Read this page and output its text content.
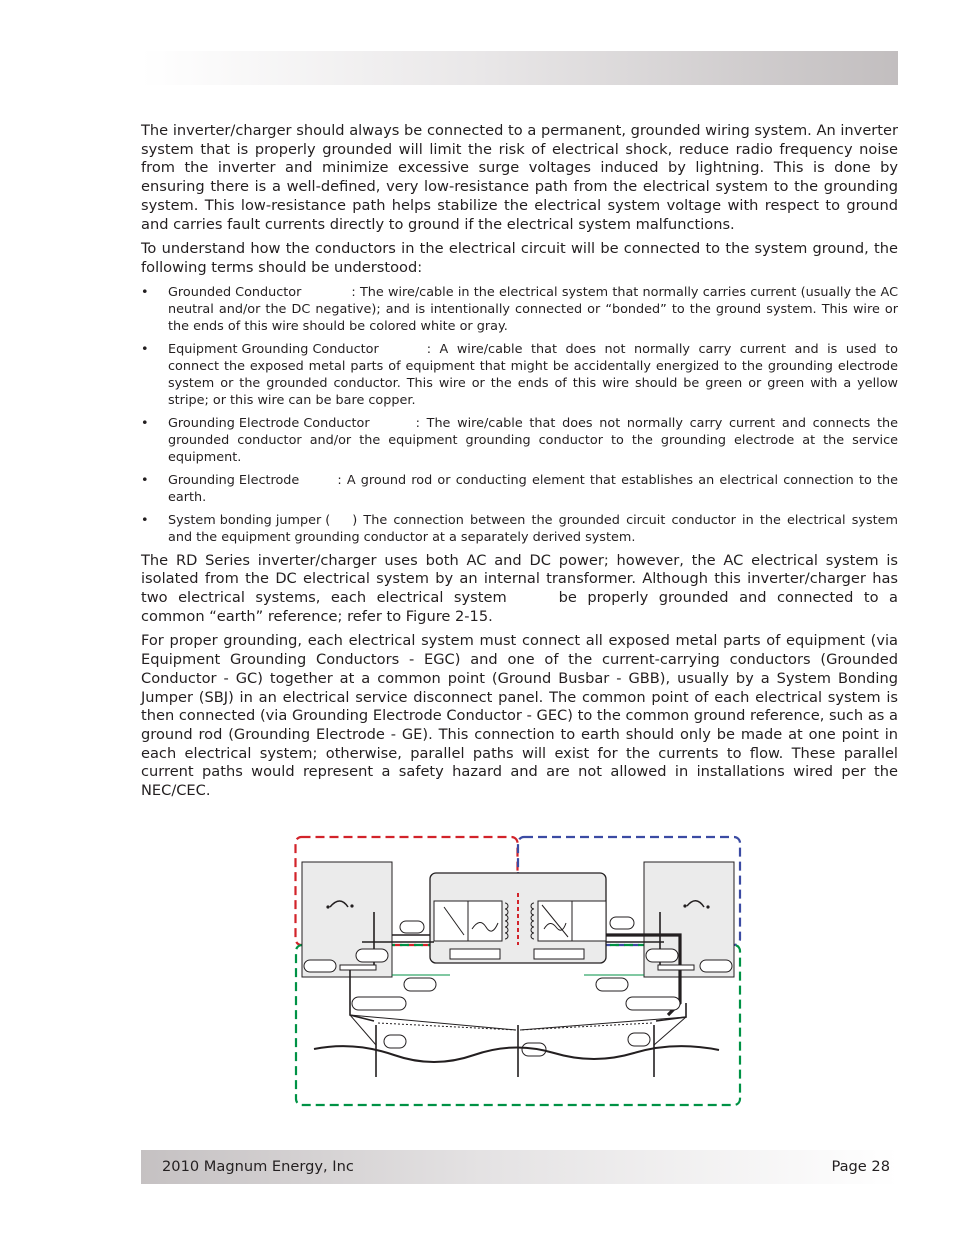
The inverter/charger should always be connected to a permanent, grounded wiring system. An inverter system that is properly grounded will limit the risk of electrical shock, reduce radio frequency noise from the inverter and minimize excessive surge voltages induced by lightning. This is done by ensuring there is a well-defined, very low-resistance path from the electrical system to the grounding system. This low-resistance path helps stabilize the electrical system voltage with respect to ground and carries fault currents directly to ground if the electrical system malfunctions.

To understand how the conductors in the electrical circuit will be connected to the system ground, the following terms should be understood:

• Grounded Conductor	: The wire/cable in the electrical system that normally carries current (usually the AC neutral and/or the DC negative); and is intentionally connected or “bonded” to the ground system. This wire or the ends of this wire should be colored white or gray.
• Equipment Grounding Conductor	: A wire/cable that does not normally carry current and is used to connect the exposed metal parts of equipment that might be accidentally energized to the grounding electrode system or the grounded conductor. This wire or the ends of this wire should be green or green with a yellow stripe; or this wire can be bare copper.
• Grounding Electrode Conductor	: The wire/cable that does not normally carry current and connects the grounded conductor and/or the equipment grounding conductor to the grounding electrode at the service equipment.
• Grounding Electrode	: A ground rod or conducting element that establishes an electrical connection to the earth.
• System bonding jumper ( ) The connection between the grounded circuit conductor in the electrical system and the equipment grounding conductor at a separately derived system.

The RD Series inverter/charger uses both AC and DC power; however, the AC electrical system is isolated from the DC electrical system by an internal transformer. Although this inverter/charger has two electrical systems, each electrical system	be properly grounded and connected to a common “earth” reference; refer to Figure 2-15.

For proper grounding, each electrical system must connect all exposed metal parts of equipment (via Equipment Grounding Conductors - EGC) and one of the current-carrying conductors (Grounded Conductor - GC) together at a common point (Ground Busbar - GBB), usually by a System Bonding Jumper (SBJ) in an electrical service disconnect panel. The common point of each electrical system is then connected (via Grounding Electrode Conductor - GEC) to the common ground reference, such as a ground rod (Grounding Electrode - GE). This connection to earth should only be made at one point in each electrical system; otherwise, parallel paths will exist for the currents to flow. These parallel current paths would represent a safety hazard and are not allowed in installations wired per the NEC/CEC.

2010 Magnum Energy, Inc	Page 28
